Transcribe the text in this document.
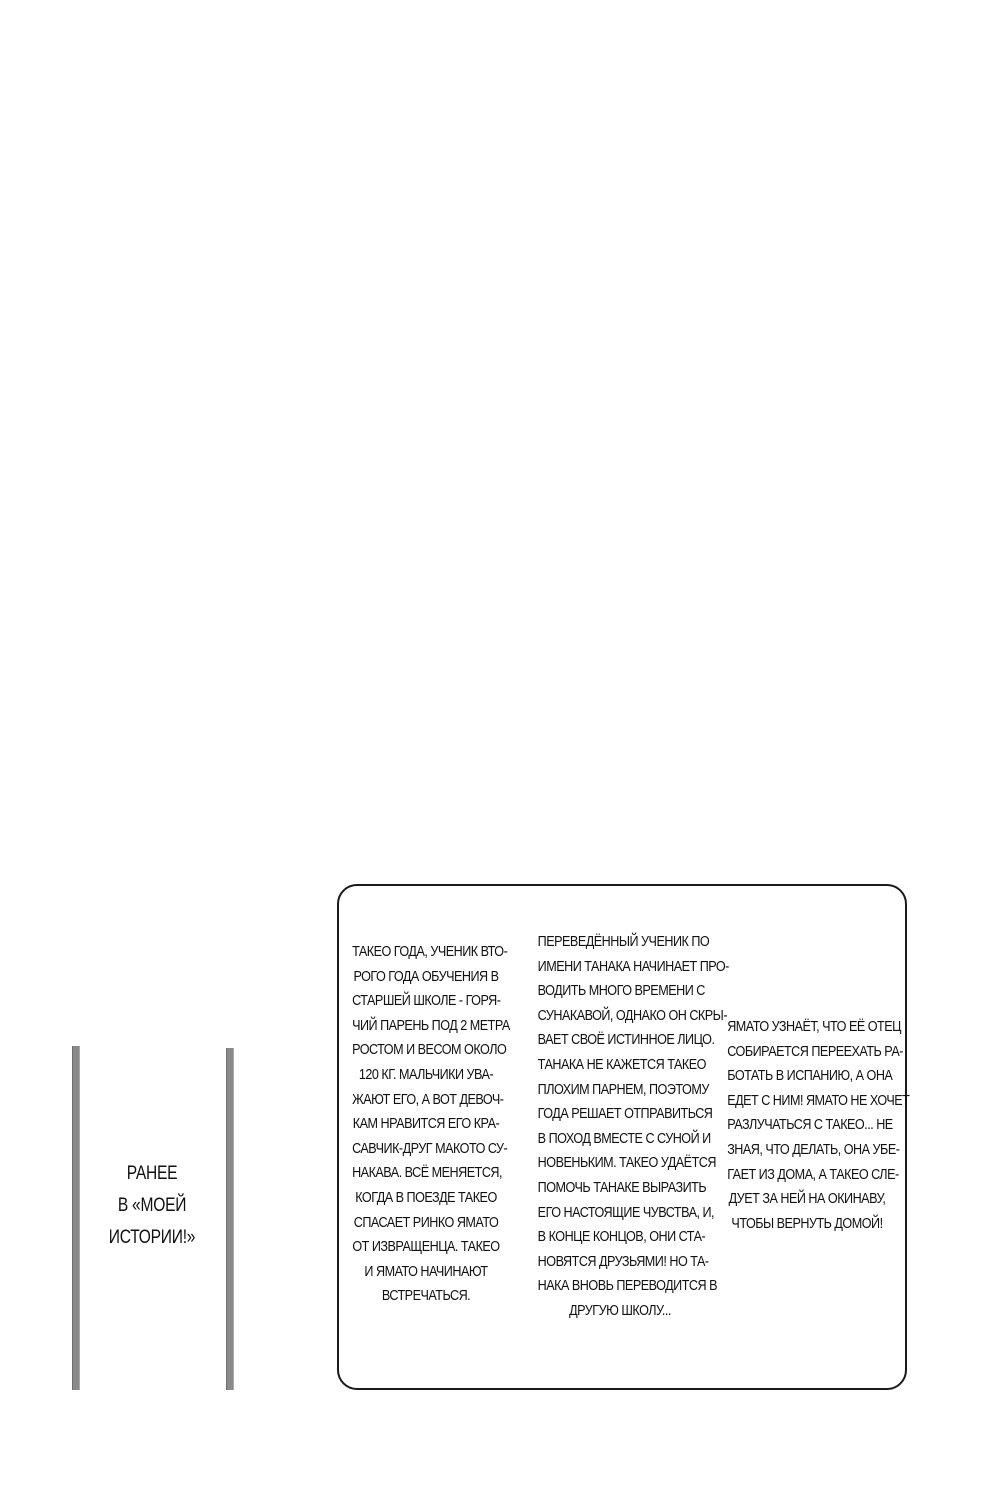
РАНЕЕ
В «МОЕЙ
ИСТОРИИ!»
ТАКЕО ГОДА, УЧЕНИК ВТО-
РОГО ГОДА ОБУЧЕНИЯ В
СТАРШЕЙ ШКОЛЕ - ГОРЯ-
ЧИЙ ПАРЕНЬ ПОД 2 МЕТРА
РОСТОМ И ВЕСОМ ОКОЛО
120 КГ. МАЛЬЧИКИ УВА-
ЖАЮТ ЕГО, А ВОТ ДЕВОЧ-
КАМ НРАВИТСЯ ЕГО КРА-
САВЧИК-ДРУГ МАКОТО СУ-
НАКАВА. ВСЁ МЕНЯЕТСЯ,
КОГДА В ПОЕЗДЕ ТАКЕО
СПАСАЕТ РИНКО ЯМАТО
ОТ ИЗВРАЩЕНЦА. ТАКЕО
И ЯМАТО НАЧИНАЮТ
ВСТРЕЧАТЬСЯ.
ПЕРЕВЕДЁННЫЙ УЧЕНИК ПО
ИМЕНИ ТАНАКА НАЧИНАЕТ ПРО-
ВОДИТЬ МНОГО ВРЕМЕНИ С
СУНАКАВОЙ, ОДНАКО ОН СКРЫ-
ВАЕТ СВОЁ ИСТИННОЕ ЛИЦО.
ТАНАКА НЕ КАЖЕТСЯ ТАКЕО
ПЛОХИМ ПАРНЕМ, ПОЭТОМУ
ГОДА РЕШАЕТ ОТПРАВИТЬСЯ
В ПОХОД ВМЕСТЕ С СУНОЙ И
НОВЕНЬКИМ. ТАКЕО УДАЁТСЯ
ПОМОЧЬ ТАНАКЕ ВЫРАЗИТЬ
ЕГО НАСТОЯЩИЕ ЧУВСТВА, И,
В КОНЦЕ КОНЦОВ, ОНИ СТА-
НОВЯТСЯ ДРУЗЬЯМИ! НО ТА-
НАКА ВНОВЬ ПЕРЕВОДИТСЯ В
ДРУГУЮ ШКОЛУ...
ЯМАТО УЗНАЁТ, ЧТО ЕЁ ОТЕЦ
СОБИРАЕТСЯ ПЕРЕЕХАТЬ РА-
БОТАТЬ В ИСПАНИЮ, А ОНА
ЕДЕТ С НИМ! ЯМАТО НЕ ХОЧЕТ
РАЗЛУЧАТЬСЯ С ТАКЕО... НЕ
ЗНАЯ, ЧТО ДЕЛАТЬ, ОНА УБЕ-
ГАЕТ ИЗ ДОМА, А ТАКЕО СЛЕ-
ДУЕТ ЗА НЕЙ НА ОКИНАВУ,
ЧТОБЫ ВЕРНУТЬ ДОМОЙ!
